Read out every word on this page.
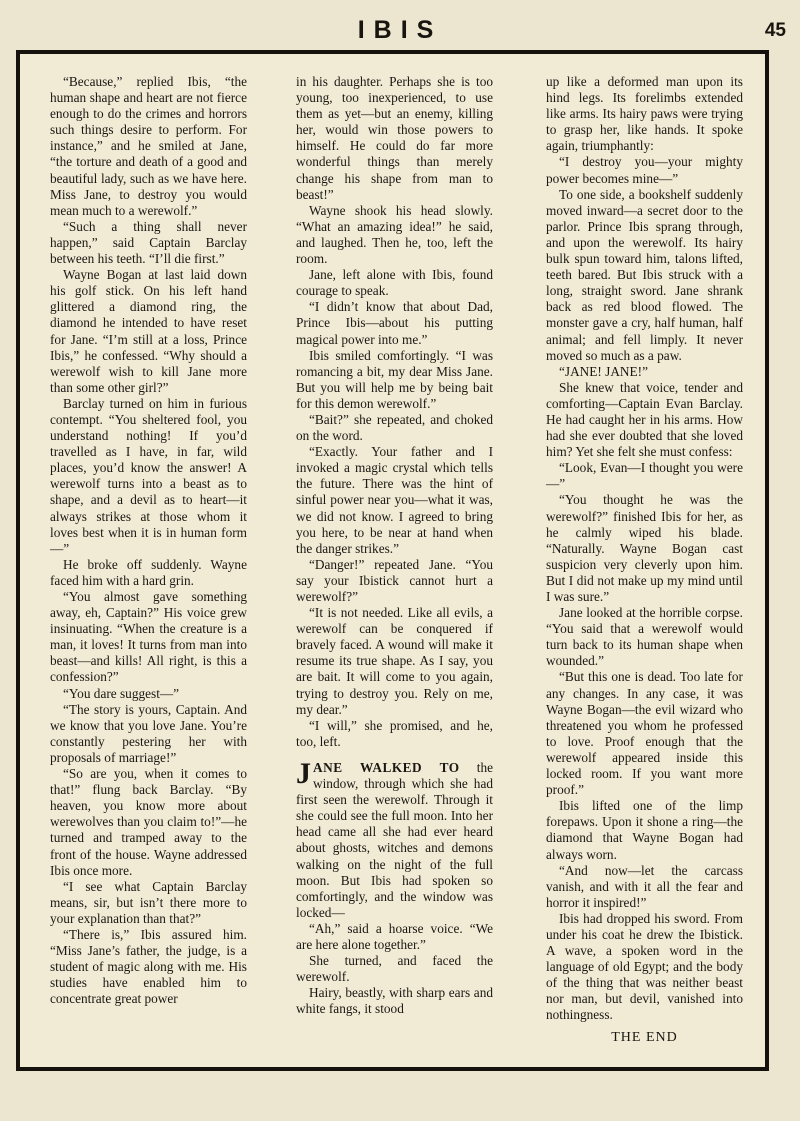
IBIS	45

“Because,” replied Ibis, “the human shape and heart are not fierce enough to do the crimes and horrors such things desire to perform. For instance,” and he smiled at Jane, “the torture and death of a good and beautiful lady, such as we have here. Miss Jane, to destroy you would mean much to a werewolf.”

“Such a thing shall never happen,” said Captain Barclay between his teeth. “I’ll die first.”

Wayne Bogan at last laid down his golf stick. On his left hand glittered a diamond ring, the diamond he intended to have reset for Jane. “I’m still at a loss, Prince Ibis,” he confessed. “Why should a werewolf wish to kill Jane more than some other girl?”

Barclay turned on him in furious contempt. “You sheltered fool, you understand nothing! If you’d travelled as I have, in far, wild places, you’d know the answer! A werewolf turns into a beast as to shape, and a devil as to heart—it always strikes at those whom it loves best when it is in human form—”

He broke off suddenly. Wayne faced him with a hard grin.

“You almost gave something away, eh, Captain?” His voice grew insinuating. “When the creature is a man, it loves! It turns from man into beast—and kills! All right, is this a confession?”

“You dare suggest—”

“The story is yours, Captain. And we know that you love Jane. You’re constantly pestering her with proposals of marriage!”

“So are you, when it comes to that!” flung back Barclay. “By heaven, you know more about werewolves than you claim to!”—he turned and tramped away to the front of the house. Wayne addressed Ibis once more.

“I see what Captain Barclay means, sir, but isn’t there more to your explanation than that?”

“There is,” Ibis assured him. “Miss Jane’s father, the judge, is a student of magic along with me. His studies have enabled him to concentrate great power

in his daughter. Perhaps she is too young, too inexperienced, to use them as yet—but an enemy, killing her, would win those powers to himself. He could do far more wonderful things than merely change his shape from man to beast!”

Wayne shook his head slowly. “What an amazing idea!” he said, and laughed. Then he, too, left the room.

Jane, left alone with Ibis, found courage to speak.

“I didn’t know that about Dad, Prince Ibis—about his putting magical power into me.”

Ibis smiled comfortingly. “I was romancing a bit, my dear Miss Jane. But you will help me by being bait for this demon werewolf.”

“Bait?” she repeated, and choked on the word.

“Exactly. Your father and I invoked a magic crystal which tells the future. There was the hint of sinful power near you—what it was, we did not know. I agreed to bring you here, to be near at hand when the danger strikes.”

“Danger!” repeated Jane. “You say your Ibistick cannot hurt a werewolf?”

“It is not needed. Like all evils, a werewolf can be conquered if bravely faced. A wound will make it resume its true shape. As I say, you are bait. It will come to you again, trying to destroy you. Rely on me, my dear.”

“I will,” she promised, and he, too, left.

JANE WALKED TO the window, through which she had first seen the werewolf. Through it she could see the full moon. Into her head came all she had ever heard about ghosts, witches and demons walking on the night of the full moon. But Ibis had spoken so comfortingly, and the window was locked—

“Ah,” said a hoarse voice. “We are here alone together.”

She turned, and faced the werewolf.

Hairy, beastly, with sharp ears and white fangs, it stood

up like a deformed man upon its hind legs. Its forelimbs extended like arms. Its hairy paws were trying to grasp her, like hands. It spoke again, triumphantly:

“I destroy you—your mighty power becomes mine—”

To one side, a bookshelf suddenly moved inward—a secret door to the parlor. Prince Ibis sprang through, and upon the werewolf. Its hairy bulk spun toward him, talons lifted, teeth bared. But Ibis struck with a long, straight sword. Jane shrank back as red blood flowed. The monster gave a cry, half human, half animal; and fell limply. It never moved so much as a paw.

“JANE! JANE!”

She knew that voice, tender and comforting—Captain Evan Barclay. He had caught her in his arms. How had she ever doubted that she loved him? Yet she felt she must confess:

“Look, Evan—I thought you were—”

“You thought he was the werewolf?” finished Ibis for her, as he calmly wiped his blade. “Naturally. Wayne Bogan cast suspicion very cleverly upon him. But I did not make up my mind until I was sure.”

Jane looked at the horrible corpse. “You said that a werewolf would turn back to its human shape when wounded.”

“But this one is dead. Too late for any changes. In any case, it was Wayne Bogan—the evil wizard who threatened you whom he professed to love. Proof enough that the werewolf appeared inside this locked room. If you want more proof.”

Ibis lifted one of the limp forepaws. Upon it shone a ring—the diamond that Wayne Bogan had always worn.

“And now—let the carcass vanish, and with it all the fear and horror it inspired!”

Ibis had dropped his sword. From under his coat he drew the Ibistick. A wave, a spoken word in the language of old Egypt; and the body of the thing that was neither beast nor man, but devil, vanished into nothingness.

THE END
